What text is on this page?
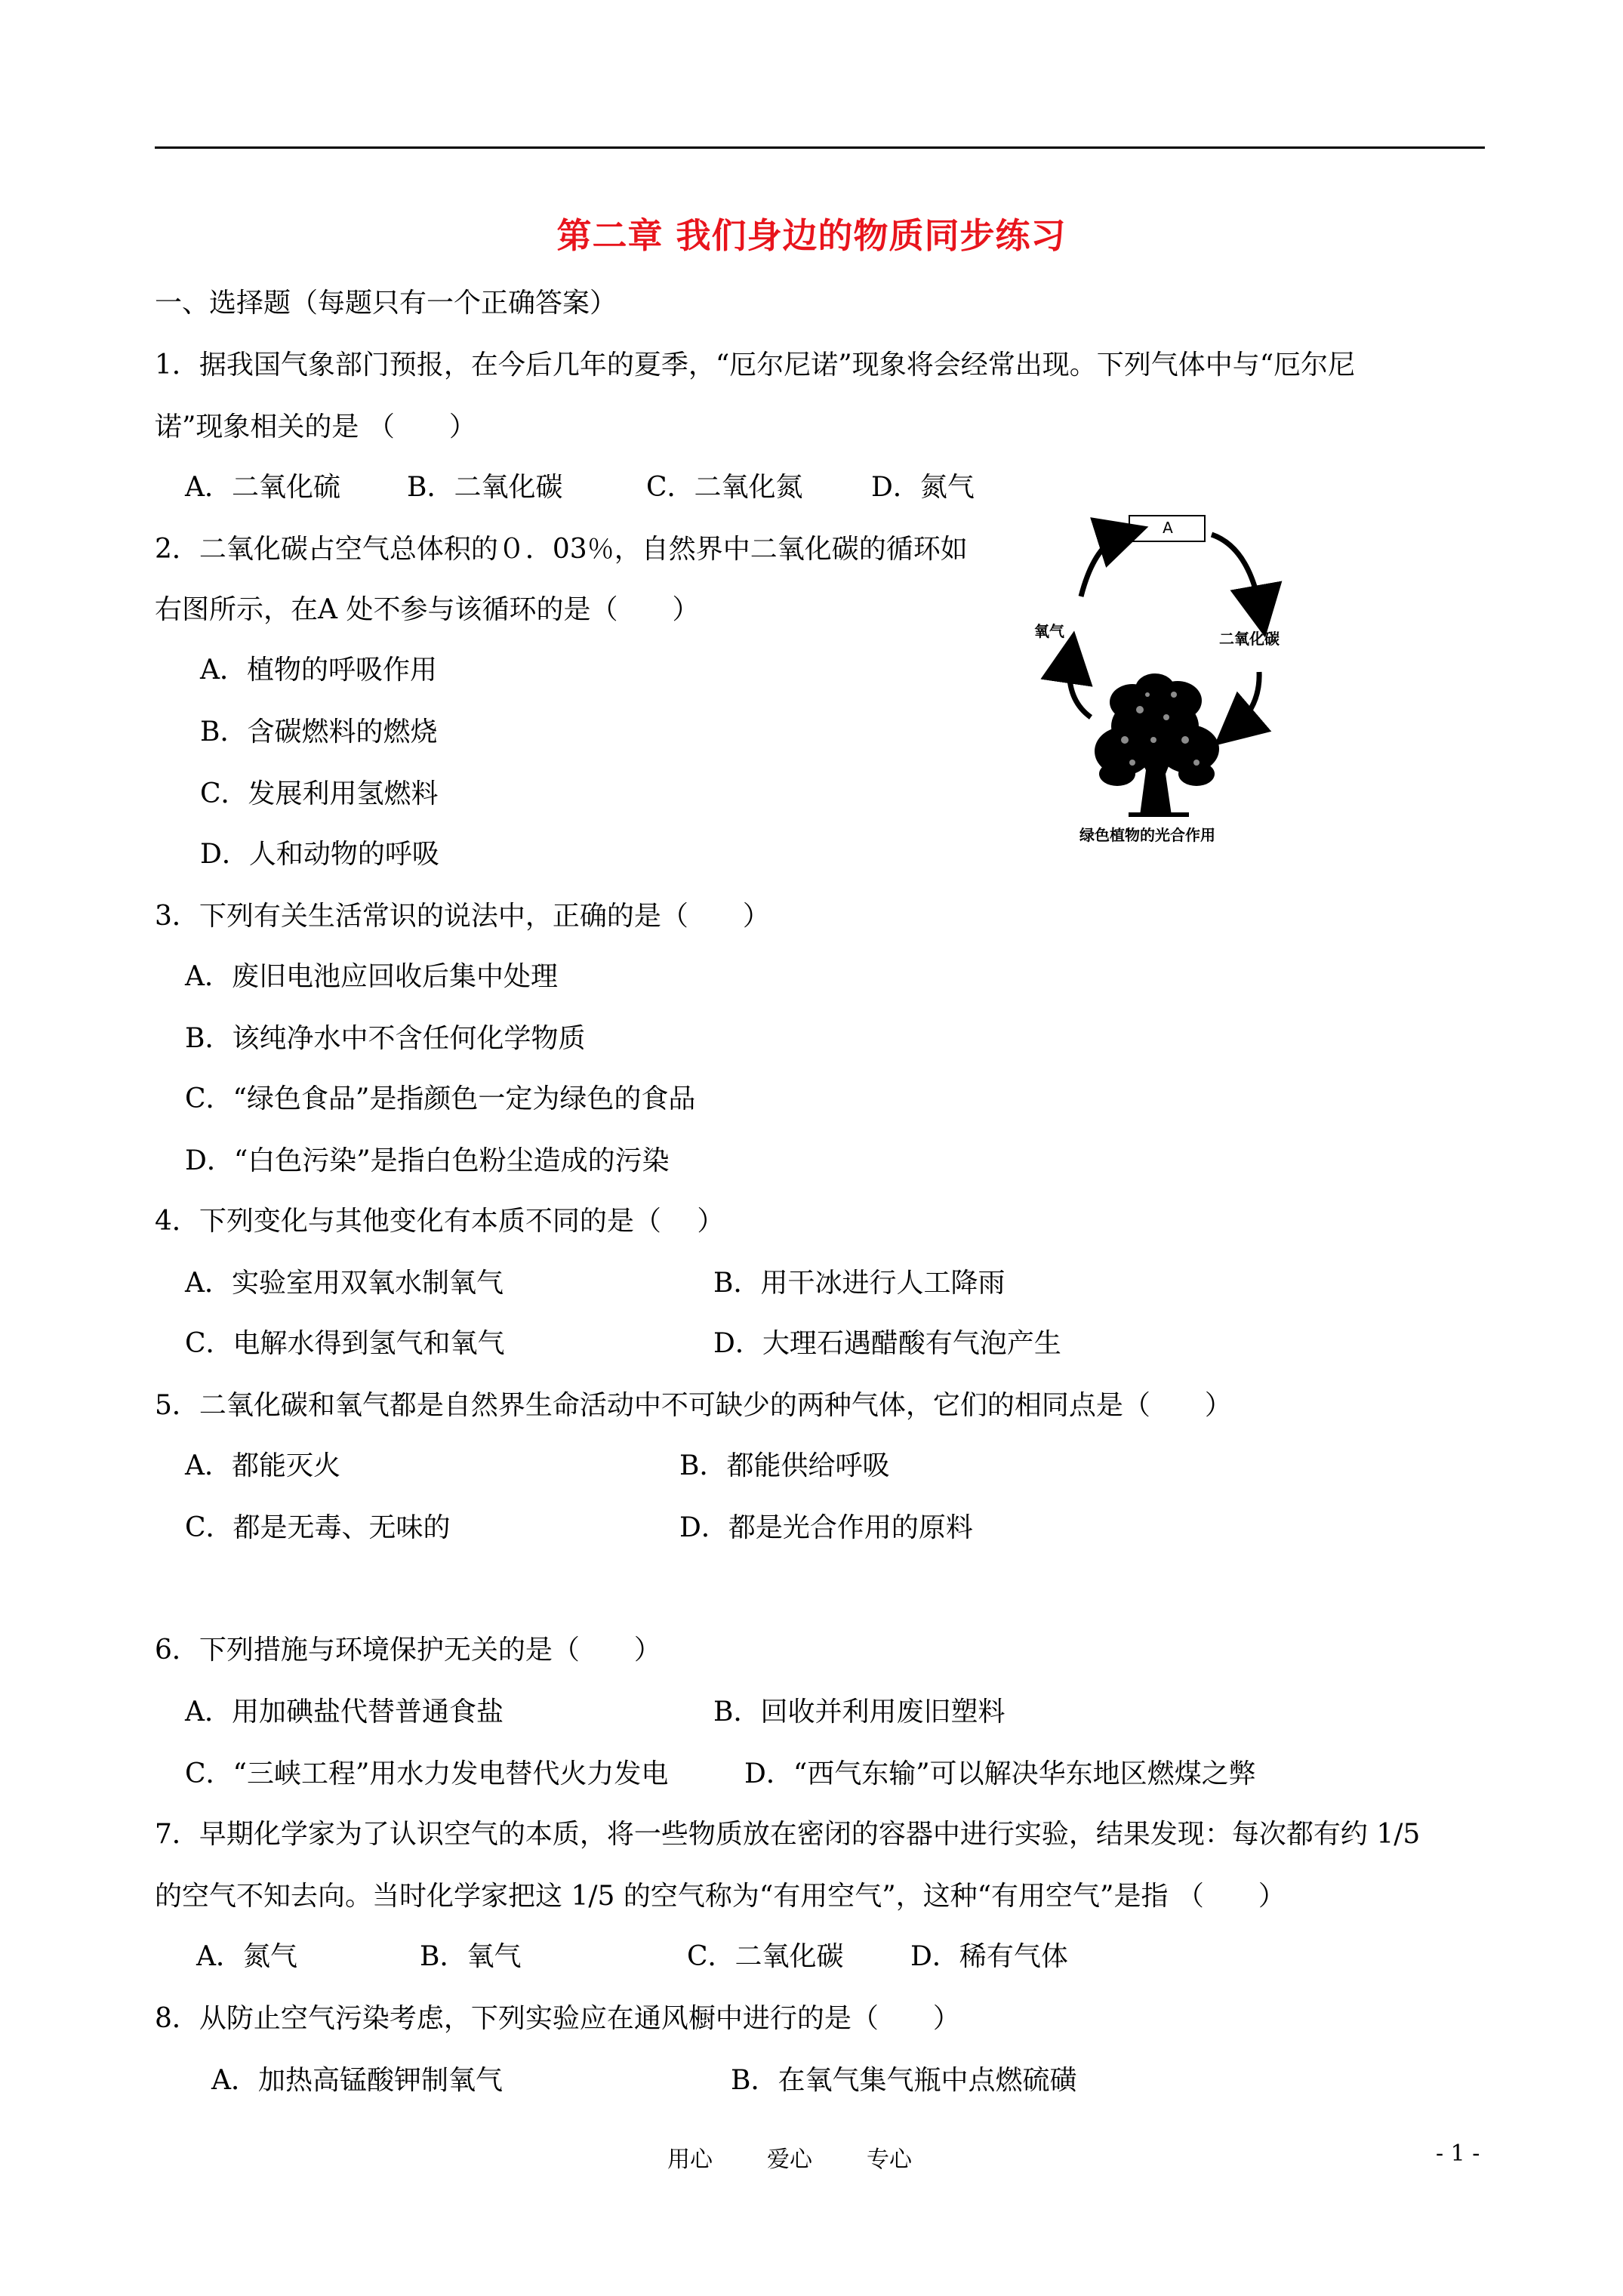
第二章 我们身边的物质同步练习
一、选择题（每题只有一个正确答案）
1．据我国气象部门预报，在今后几年的夏季，“厄尔尼诺”现象将会经常出现。下列气体中与“厄尔尼
诺”现象相关的是 （　　）
A．二氧化硫 B．二氧化碳	C．二氧化氮	D．氮气
2．二氧化碳占空气总体积的０．03％，自然界中二氧化碳的循环如
右图所示，在A 处不参与该循环的是（　　）
A．植物的呼吸作用
B．含碳燃料的燃烧
C．发展利用氢燃料
D．人和动物的呼吸
3．下列有关生活常识的说法中，正确的是（　　）
A．废旧电池应回收后集中处理
B．该纯净水中不含任何化学物质
C．“绿色食品”是指颜色一定为绿色的食品
D．“白色污染”是指白色粉尘造成的污染
4．下列变化与其他变化有本质不同的是（　 ）
A．实验室用双氧水制氧气	B．用干冰进行人工降雨
C．电解水得到氢气和氧气	D．大理石遇醋酸有气泡产生
5．二氧化碳和氧气都是自然界生命活动中不可缺少的两种气体，它们的相同点是（　　）
A．都能灭火	B．都能供给呼吸
C．都是无毒、无味的	D．都是光合作用的原料
6．下列措施与环境保护无关的是（　　）
A．用加碘盐代替普通食盐	B．回收并利用废旧塑料
C．“三峡工程”用水力发电替代火力发电	D．“西气东输”可以解决华东地区燃煤之弊
7．早期化学家为了认识空气的本质，将一些物质放在密闭的容器中进行实验，结果发现：每次都有约 1/5
的空气不知去向。当时化学家把这 1/5 的空气称为“有用空气”，这种“有用空气”是指 （　　）
A．氮气	B．氧气	C．二氧化碳 D．稀有气体
8．从防止空气污染考虑，下列实验应在通风橱中进行的是（　　）
A．加热高锰酸钾制氧气	B．在氧气集气瓶中点燃硫磺
A
氧气	二氧化碳
绿色植物的光合作用
用心 爱心 专心	- 1 -
